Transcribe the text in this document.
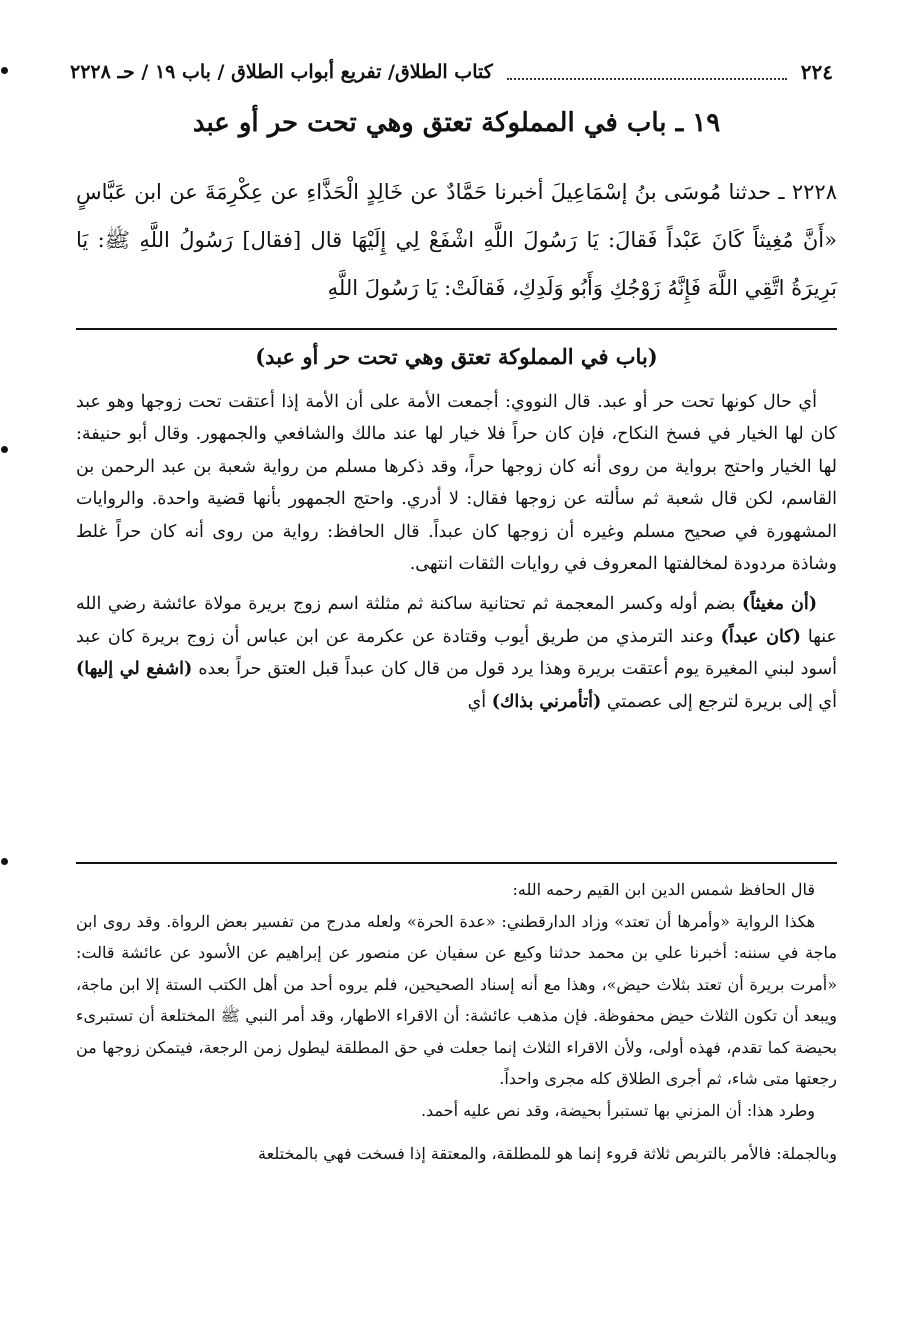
٢٢٤
كتاب الطلاق/ تفريع أبواب الطلاق / باب ١٩ / حـ ٢٢٢٨
١٩ ـ باب في المملوكة تعتق وهي تحت حر أو عبد
٢٢٢٨ ـ حدثنا مُوسَى بنُ إسْمَاعِيلَ أخبرنا حَمَّادٌ عن خَالِدٍ الْحَذَّاءِ عن عِكْرِمَةَ عن ابن عَبَّاسٍ «أَنَّ مُغِيثاً كَانَ عَبْداً فَقالَ: يَا رَسُولَ اللَّهِ اشْفَعْ لِي إِلَيْهَا قال [فقال] رَسُولُ اللَّهِ ﷺ: يَا بَرِيرَةُ اتَّقِي اللَّهَ فَإِنَّهُ زَوْجُكِ وَأَبُو وَلَدِكِ، فَقالَتْ: يَا رَسُولَ اللَّهِ
(باب في المملوكة تعتق وهي تحت حر أو عبد)

أي حال كونها تحت حر أو عبد. قال النووي: أجمعت الأمة على أن الأمة إذا أعتقت تحت زوجها وهو عبد كان لها الخيار في فسخ النكاح، فإن كان حراً فلا خيار لها عند مالك والشافعي والجمهور. وقال أبو حنيفة: لها الخيار واحتج برواية من روى أنه كان زوجها حراً، وقد ذكرها مسلم من رواية شعبة بن عبد الرحمن بن القاسم، لكن قال شعبة ثم سألته عن زوجها فقال: لا أدري. واحتج الجمهور بأنها قضية واحدة. والروايات المشهورة في صحيح مسلم وغيره أن زوجها كان عبداً. قال الحافظ: رواية من روى أنه كان حراً غلط وشاذة مردودة لمخالفتها المعروف في روايات الثقات انتهى.

(أن مغيثاً) بضم أوله وكسر المعجمة ثم تحتانية ساكنة ثم مثلثة اسم زوج بريرة مولاة عائشة رضي الله عنها (كان عبداً) وعند الترمذي من طريق أيوب وقتادة عن عكرمة عن ابن عباس أن زوج بريرة كان عبد أسود لبني المغيرة يوم أعتقت بريرة وهذا يرد قول من قال كان عبداً قبل العتق حراً بعده (اشفع لي إليها) أي إلى بريرة لترجع إلى عصمتي (أتأمرني بذاك) أي

قال الحافظ شمس الدين ابن القيم رحمه الله:

هكذا الرواية «وأمرها أن تعتد» وزاد الدارقطني: «عدة الحرة» ولعله مدرج من تفسير بعض الرواة. وقد روى ابن ماجة في سننه: أخبرنا علي بن محمد حدثنا وكيع عن سفيان عن منصور عن إبراهيم عن الأسود عن عائشة قالت: «أمرت بريرة أن تعتد بثلاث حيض»، وهذا مع أنه إسناد الصحيحين، فلم يروه أحد من أهل الكتب الستة إلا ابن ماجة، ويبعد أن تكون الثلاث حيض محفوظة. فإن مذهب عائشة: أن الاقراء الاطهار، وقد أمر النبي ﷺ المختلعة أن تستبرىء بحيضة كما تقدم، فهذه أولى، ولأن الاقراء الثلاث إنما جعلت في حق المطلقة ليطول زمن الرجعة، فيتمكن زوجها من رجعتها متى شاء، ثم أجرى الطلاق كله مجرى واحداً.

وطرد هذا: أن المزني بها تستبرأ بحيضة، وقد نص عليه أحمد.

وبالجملة: فالأمر بالتربص ثلاثة قروء إنما هو للمطلقة، والمعتقة إذا فسخت فهي بالمختلعة
